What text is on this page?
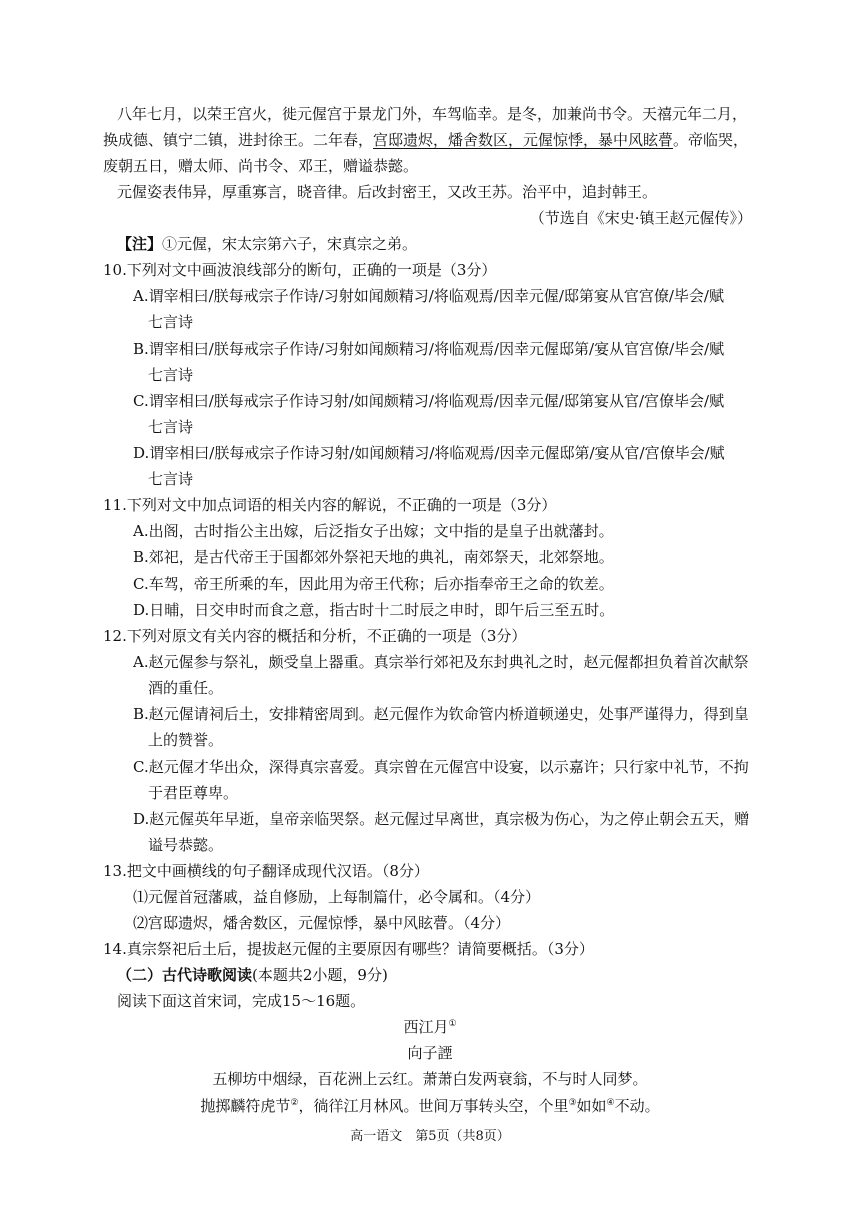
八年七月，以荣王宫火，徙元偓宫于景龙门外，车驾临幸。是冬，加兼尚书令。天禧元年二月，
换成德、镇宁二镇，进封徐王。二年春，宫邸遗烬，燔舍数区，元偓惊悸，暴中风眩瞢。帝临哭，
废朝五日，赠太师、尚书令、邓王，赠谥恭懿。
元偓姿表伟异，厚重寡言，晓音律。后改封密王，又改王苏。治平中，追封韩王。
（节选自《宋史·镇王赵元偓传》）
【注】①元偓，宋太宗第六子，宋真宗之弟。
10.下列对文中画波浪线部分的断句，正确的一项是（3分）
A.谓宰相曰/朕每戒宗子作诗/习射如闻颇精习/将临观焉/因幸元偓/邸第宴从官宫僚/毕会/赋
七言诗
B.谓宰相曰/朕每戒宗子作诗/习射如闻颇精习/将临观焉/因幸元偓邸第/宴从官宫僚/毕会/赋
七言诗
C.谓宰相曰/朕每戒宗子作诗习射/如闻颇精习/将临观焉/因幸元偓/邸第宴从官/宫僚毕会/赋
七言诗
D.谓宰相曰/朕每戒宗子作诗习射/如闻颇精习/将临观焉/因幸元偓邸第/宴从官/宫僚毕会/赋
七言诗
11.下列对文中加点词语的相关内容的解说，不正确的一项是（3分）
A.出阁，古时指公主出嫁，后泛指女子出嫁；文中指的是皇子出就藩封。
B.郊祀，是古代帝王于国都郊外祭祀天地的典礼，南郊祭天，北郊祭地。
C.车驾，帝王所乘的车，因此用为帝王代称；后亦指奉帝王之命的钦差。
D.日晡，日交申时而食之意，指古时十二时辰之申时，即午后三至五时。
12.下列对原文有关内容的概括和分析，不正确的一项是（3分）
A.赵元偓参与祭礼，颇受皇上器重。真宗举行郊祀及东封典礼之时，赵元偓都担负着首次献祭
酒的重任。
B.赵元偓请祠后土，安排精密周到。赵元偓作为钦命管内桥道顿递史，处事严谨得力，得到皇
上的赞誉。
C.赵元偓才华出众，深得真宗喜爱。真宗曾在元偓宫中设宴，以示嘉许；只行家中礼节，不拘
于君臣尊卑。
D.赵元偓英年早逝，皇帝亲临哭祭。赵元偓过早离世，真宗极为伤心，为之停止朝会五天，赠
谥号恭懿。
13.把文中画横线的句子翻译成现代汉语。（8分）
⑴元偓首冠藩戚，益自修励，上每制篇什，必令属和。（4分）
⑵宫邸遗烬，燔舍数区，元偓惊悸，暴中风眩瞢。（4分）
14.真宗祭祀后土后，提拔赵元偓的主要原因有哪些？请简要概括。（3分）
（二）古代诗歌阅读(本题共2小题，9分)
阅读下面这首宋词，完成15～16题。
西江月①
向子諲
五柳坊中烟绿，百花洲上云红。萧萧白发两衰翁，不与时人同梦。
抛掷麟符虎节②，徜徉江月林风。世间万事转头空，个里③如如④不动。
高一语文　第5页（共8页）
